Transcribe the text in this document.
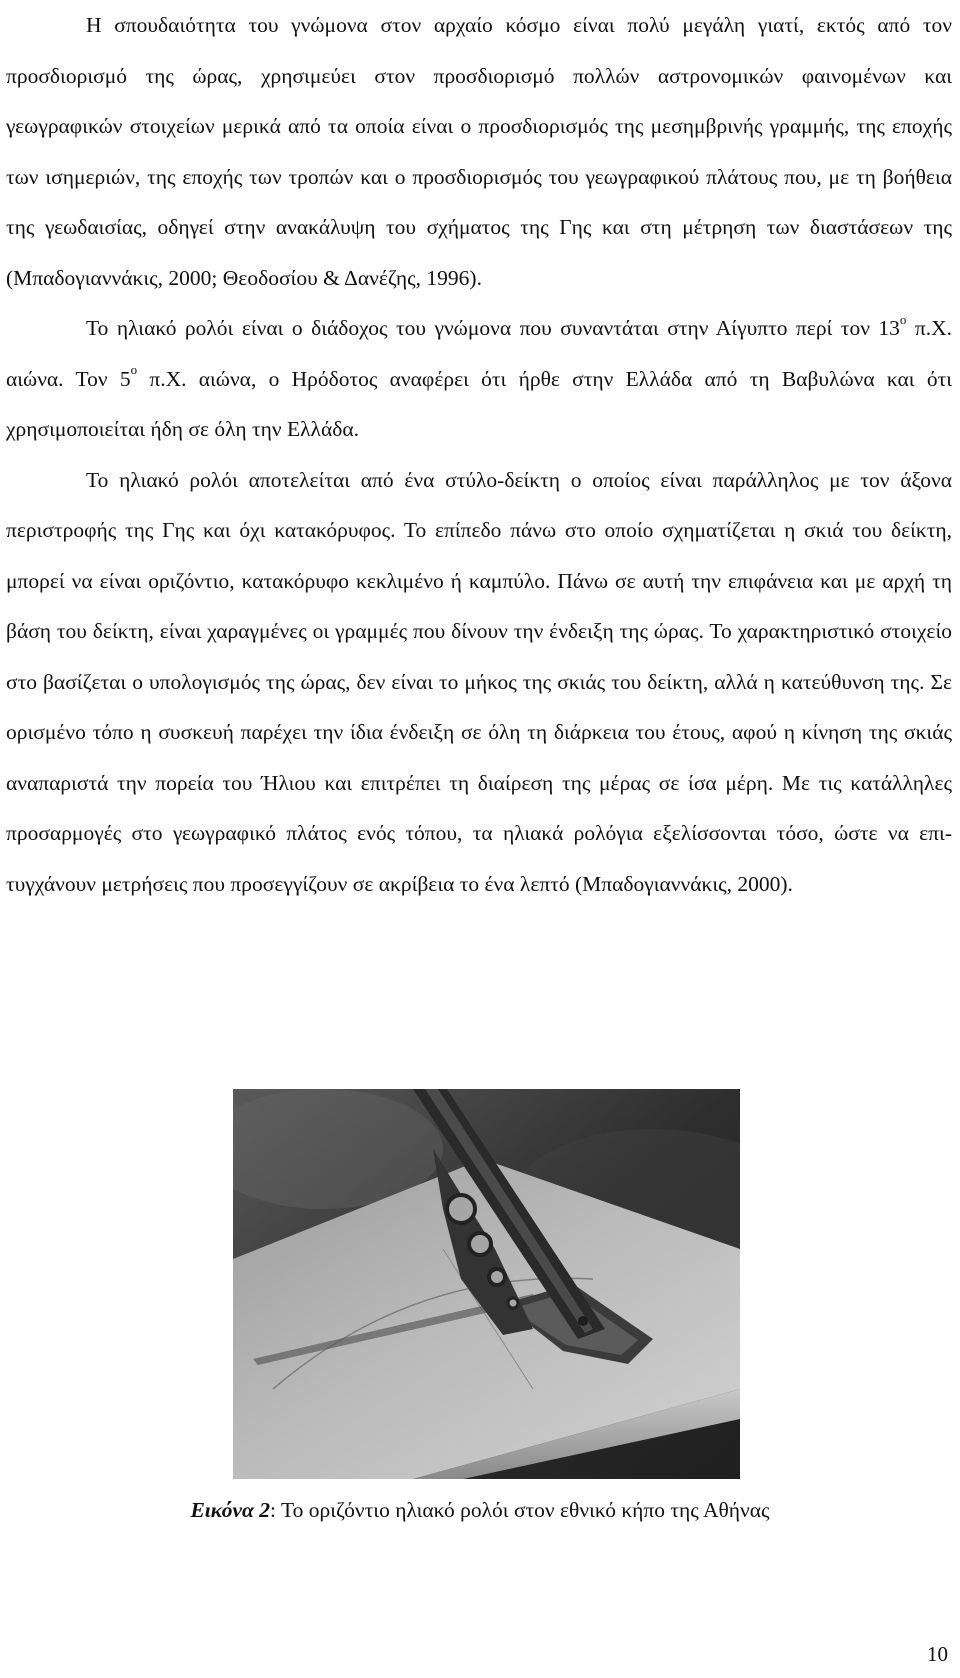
Η σπουδαιότητα του γνώμονα στον αρχαίο κόσμο είναι πολύ μεγάλη γιατί, εκτός από τον προσδιορισμό της ώρας, χρησιμεύει στον προσδιορισμό πολλών αστρονομικών φαινομένων και γεωγραφικών στοιχείων μερικά από τα οποία είναι ο προσδιορισμός της μεσημβρινής γραμμής, της εποχής των ισημεριών, της εποχής των τροπών και ο προσδιορισμός του γεωγραφικού πλάτους που, με τη βοήθεια της γεωδαισίας, οδηγεί στην ανακάλυψη του σχήματος της Γης και στη μέτρηση των διαστάσεων της (Μπαδογιαννάκις, 2000; Θεοδοσίου & Δανέζης, 1996).

Το ηλιακό ρολόι είναι ο διάδοχος του γνώμονα που συναντάται στην Αίγυπτο περί τον $13^o$ π.Χ. αιώνα. Τον $5^o$ π.Χ. αιώνα, ο Ηρόδοτος αναφέρει ότι ήρθε στην Ελλάδα από τη Βαβυλώνα και ότι χρησιμοποιείται ήδη σε όλη την Ελλάδα.

Το ηλιακό ρολόι αποτελείται από ένα στύλο-δείκτη ο οποίος είναι παράλληλος με τον άξονα περιστροφής της Γης και όχι κατακόρυφος. Το επίπεδο πάνω στο οποίο σχηματίζεται η σκιά του δείκτη, μπορεί να είναι οριζόντιο, κατακόρυφο κεκλιμένο ή καμπύλο. Πάνω σε αυτή την επιφάνεια και με αρχή τη βάση του δείκτη, είναι χαραγμένες οι γραμμές που δίνουν την ένδειξη της ώρας. Το χαρακτηριστικό στοιχείο στο βασίζεται ο υπολογισμός της ώρας, δεν είναι το μήκος της σκιάς του δείκτη, αλλά η κατεύθυνση της. Σε ορισμένο τόπο η συσκευή παρέχει την ίδια ένδειξη σε όλη τη διάρκεια του έτους, αφού η κίνηση της σκιάς αναπαριστά την πορεία του Ήλιου και επιτρέπει τη διαίρεση της μέρας σε ίσα μέρη. Με τις κατάλληλες προσαρμογές στο γεωγραφικό πλάτος ενός τόπου, τα ηλιακά ρολόγια εξελίσσονται τόσο, ώστε να επιτυγχάνουν μετρήσεις που προσεγγίζουν σε ακρίβεια το ένα λεπτό (Μπαδογιαννάκις, 2000).

Εικόνα 2: Το οριζόντιο ηλιακό ρολόι στον εθνικό κήπο της Αθήνας
10
